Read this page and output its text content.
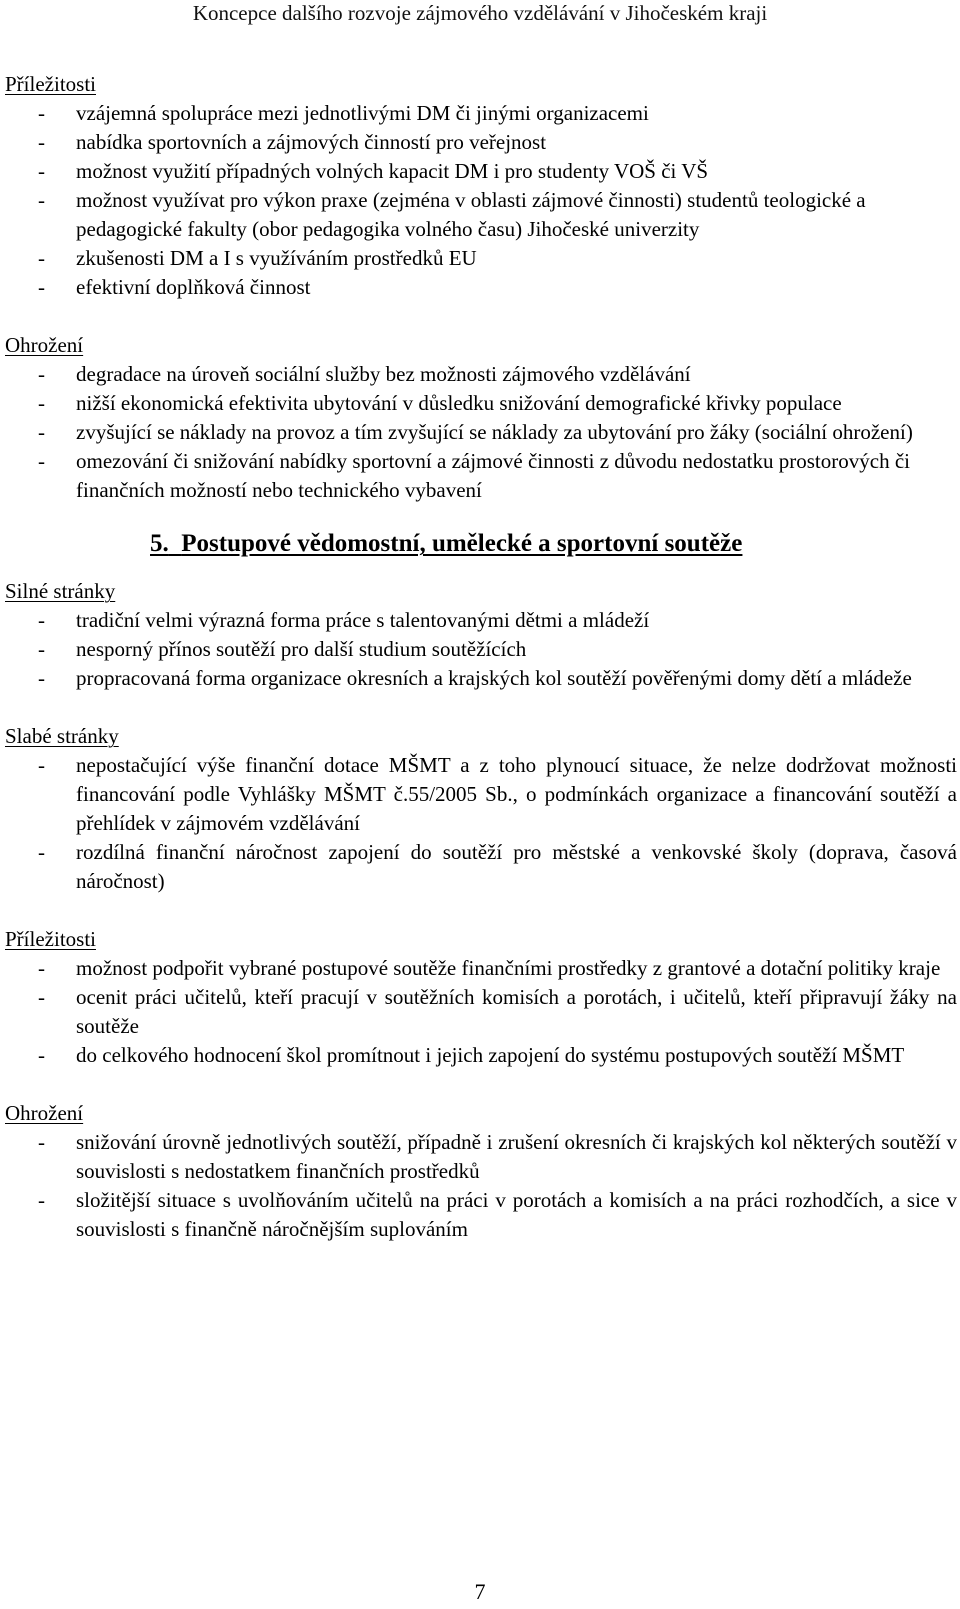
Koncepce dalšího rozvoje zájmového vzdělávání v Jihočeském kraji

Příležitosti

- vzájemná spolupráce mezi jednotlivými DM či jinými organizacemi
- nabídka sportovních a zájmových činností pro veřejnost
- možnost využití případných volných kapacit DM i pro studenty VOŠ či VŠ
- možnost využívat pro výkon praxe (zejména v oblasti zájmové činnosti) studentů teologické a pedagogické fakulty (obor pedagogika volného času) Jihočeské univerzity
- zkušenosti DM a I s využíváním prostředků EU
- efektivní doplňková činnost

Ohrožení

- degradace na úroveň sociální služby bez možnosti zájmového vzdělávání
- nižší ekonomická efektivita ubytování v důsledku snižování demografické křivky populace
- zvyšující se náklady na provoz a tím zvyšující se náklady za ubytování pro žáky (sociální ohrožení)
- omezování či snižování nabídky sportovní a zájmové činnosti z důvodu nedostatku prostorových či finančních možností nebo technického vybavení
5. Postupové vědomostní, umělecké a sportovní soutěže

Silné stránky

- tradiční velmi výrazná forma práce s talentovanými dětmi a mládeží
- nesporný přínos soutěží pro další studium soutěžících
- propracovaná forma organizace okresních a krajských kol soutěží pověřenými domy dětí a mládeže

Slabé stránky

- nepostačující výše finanční dotace MŠMT a z toho plynoucí situace, že nelze dodržovat možnosti financování podle Vyhlášky MŠMT č.55/2005 Sb., o podmínkách organizace a financování soutěží a přehlídek v zájmovém vzdělávání
- rozdílná finanční náročnost zapojení do soutěží pro městské a venkovské školy (doprava, časová náročnost)

Příležitosti

- možnost podpořit vybrané postupové soutěže finančními prostředky z grantové a dotační politiky kraje
- ocenit práci učitelů, kteří pracují v soutěžních komisích a porotách, i učitelů, kteří připravují žáky na soutěže
- do celkového hodnocení škol promítnout i jejich zapojení do systému postupových soutěží MŠMT

Ohrožení

- snižování úrovně jednotlivých soutěží, případně i zrušení okresních či krajských kol některých soutěží v souvislosti s nedostatkem finančních prostředků
- složitější situace s uvolňováním učitelů na práci v porotách a komisích a na práci rozhodčích, a sice v souvislosti s finančně náročnějším suplováním
7
